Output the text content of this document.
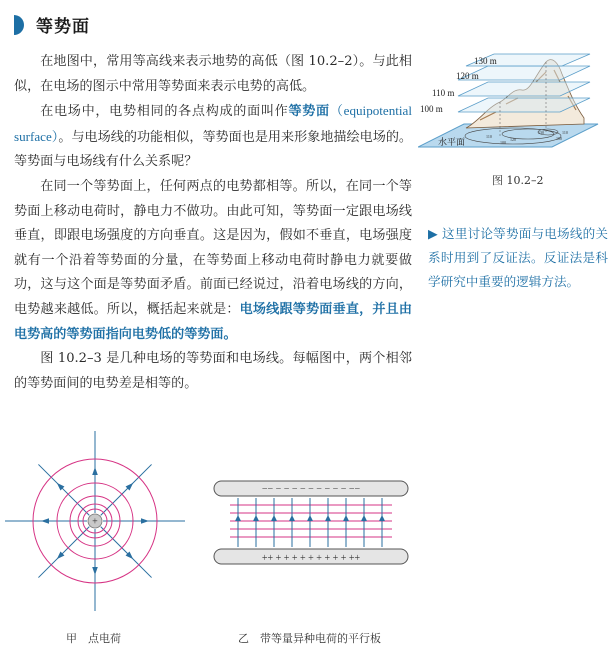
等势面

在地图中，常用等高线来表示地势的高低（图 10.2–2）。与此相似，在电场的图示中常用等势面来表示电势的高低。

在电场中，电势相同的各点构成的面叫作等势面（equipotential surface）。与电场线的功能相似，等势面也是用来形象地描绘电场的。等势面与电场线有什么关系呢？

在同一个等势面上，任何两点的电势都相等。所以，在同一个等势面上移动电荷时，静电力不做功。由此可知，等势面一定跟电场线垂直，即跟电场强度的方向垂直。这是因为，假如不垂直，电场强度就有一个沿着等势面的分量，在等势面上移动电荷时静电力就要做功，这与这个面是等势面矛盾。前面已经说过，沿着电场线的方向，电势越来越低。所以，概括起来就是：电场线跟等势面垂直，并且由电势高的等势面指向电势低的等势面。

图 10.2–3 是几种电场的等势面和电场线。每幅图中，两个相邻的等势面间的电势差是相等的。

130 m
120 m
110 m
100 m
水平面	120
130
110
100
100
110
图 10.2–2
▶ 这里讨论等势面与电场线的关系时用到了反证法。反证法是科学研究中重要的逻辑方法。
+
甲　点电荷
−− − − − − − − − − − −−
++ + + + + + + + + + ++
乙　带等量异种电荷的平行板
